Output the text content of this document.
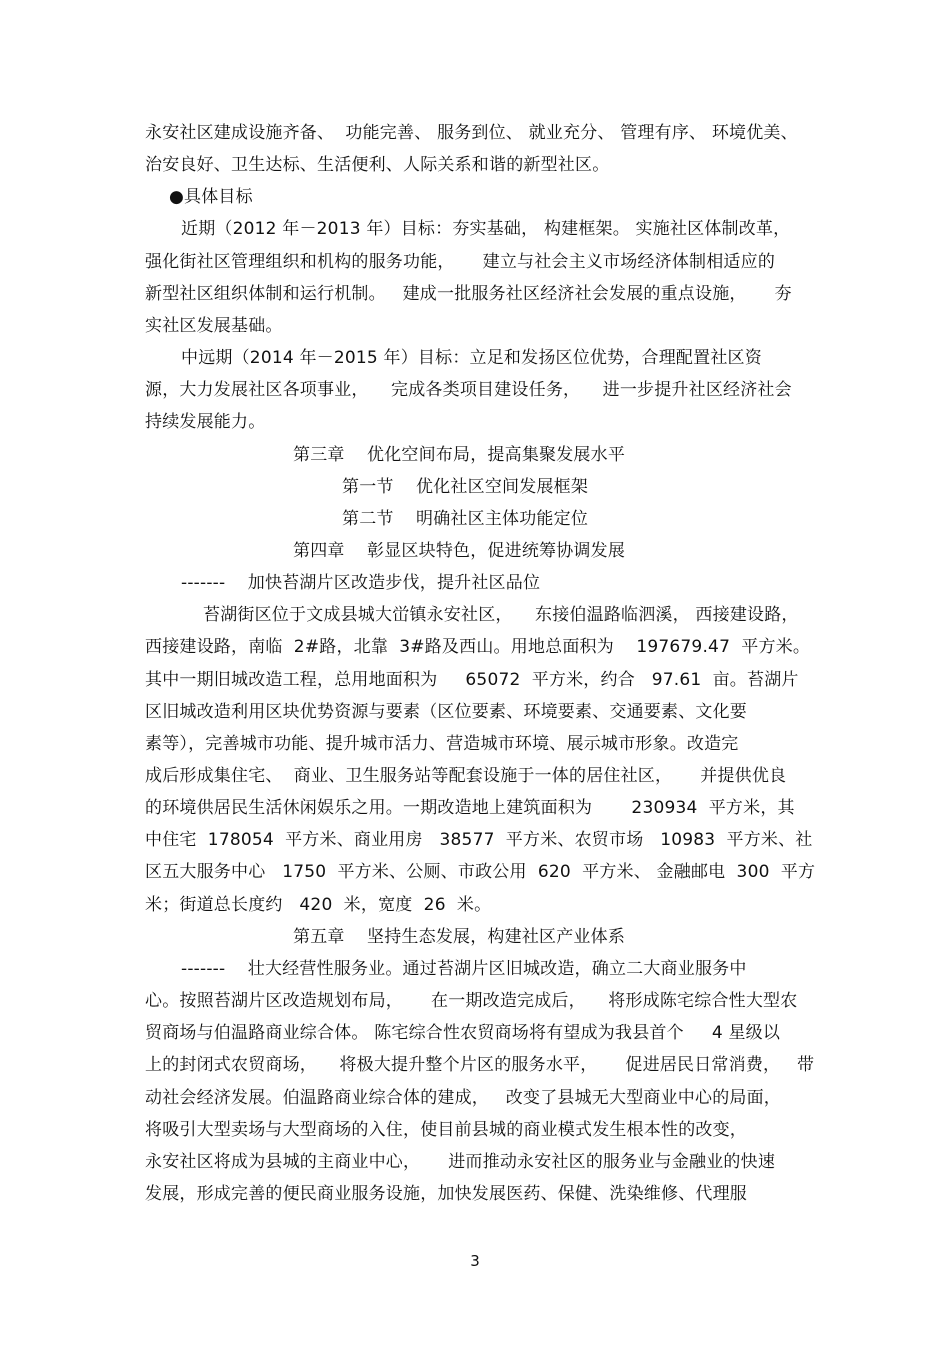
永安社区建成设施齐备、  功能完善、 服务到位、 就业充分、 管理有序、 环境优美、
治安良好、卫生达标、生活便利、人际关系和谐的新型社区。
●具体目标
近期（2012 年－2013 年）目标：夯实基础， 构建框架。 实施社区体制改革，
强化街社区管理组织和机构的服务功能，     建立与社会主义市场经济体制相适应的
新型社区组织体制和运行机制。   建成一批服务社区经济社会发展的重点设施，     夯
实社区发展基础。
中远期（2014 年－2015 年）目标：立足和发扬区位优势，合理配置社区资
源，大力发展社区各项事业，    完成各类项目建设任务，    进一步提升社区经济社会
持续发展能力。
第三章    优化空间布局，提高集聚发展水平
第一节    优化社区空间发展框架
第二节    明确社区主体功能定位
第四章    彰显区块特色，促进统筹协调发展
-------    加快苔湖片区改造步伐，提升社区品位
苔湖街区位于文成县城大峃镇永安社区，    东接伯温路临泗溪， 西接建设路，
西接建设路，南临  2#路，北靠  3#路及西山。用地总面积为    197679.47  平方米。
其中一期旧城改造工程，总用地面积为     65072  平方米，约合   97.61  亩。苔湖片
区旧城改造利用区块优势资源与要素（区位要素、环境要素、交通要素、文化要
素等），完善城市功能、提升城市活力、营造城市环境、展示城市形象。改造完
成后形成集住宅、  商业、卫生服务站等配套设施于一体的居住社区，     并提供优良
的环境供居民生活休闲娱乐之用。一期改造地上建筑面积为       230934  平方米，其
中住宅  178054  平方米、商业用房   38577  平方米、农贸市场   10983  平方米、社
区五大服务中心   1750  平方米、公厕、市政公用  620  平方米、 金融邮电  300  平方
米；街道总长度约   420  米，宽度  26  米。
第五章    坚持生态发展，构建社区产业体系
-------    壮大经营性服务业。通过苔湖片区旧城改造，确立二大商业服务中
心。按照苔湖片区改造规划布局，     在一期改造完成后，    将形成陈宅综合性大型农
贸商场与伯温路商业综合体。 陈宅综合性农贸商场将有望成为我县首个     4 星级以
上的封闭式农贸商场，    将极大提升整个片区的服务水平，     促进居民日常消费，   带
动社会经济发展。伯温路商业综合体的建成，   改变了县城无大型商业中心的局面，
将吸引大型卖场与大型商场的入住，使目前县城的商业模式发生根本性的改变，
永安社区将成为县城的主商业中心，     进而推动永安社区的服务业与金融业的快速
发展，形成完善的便民商业服务设施，加快发展医药、保健、洗染维修、代理服
3
